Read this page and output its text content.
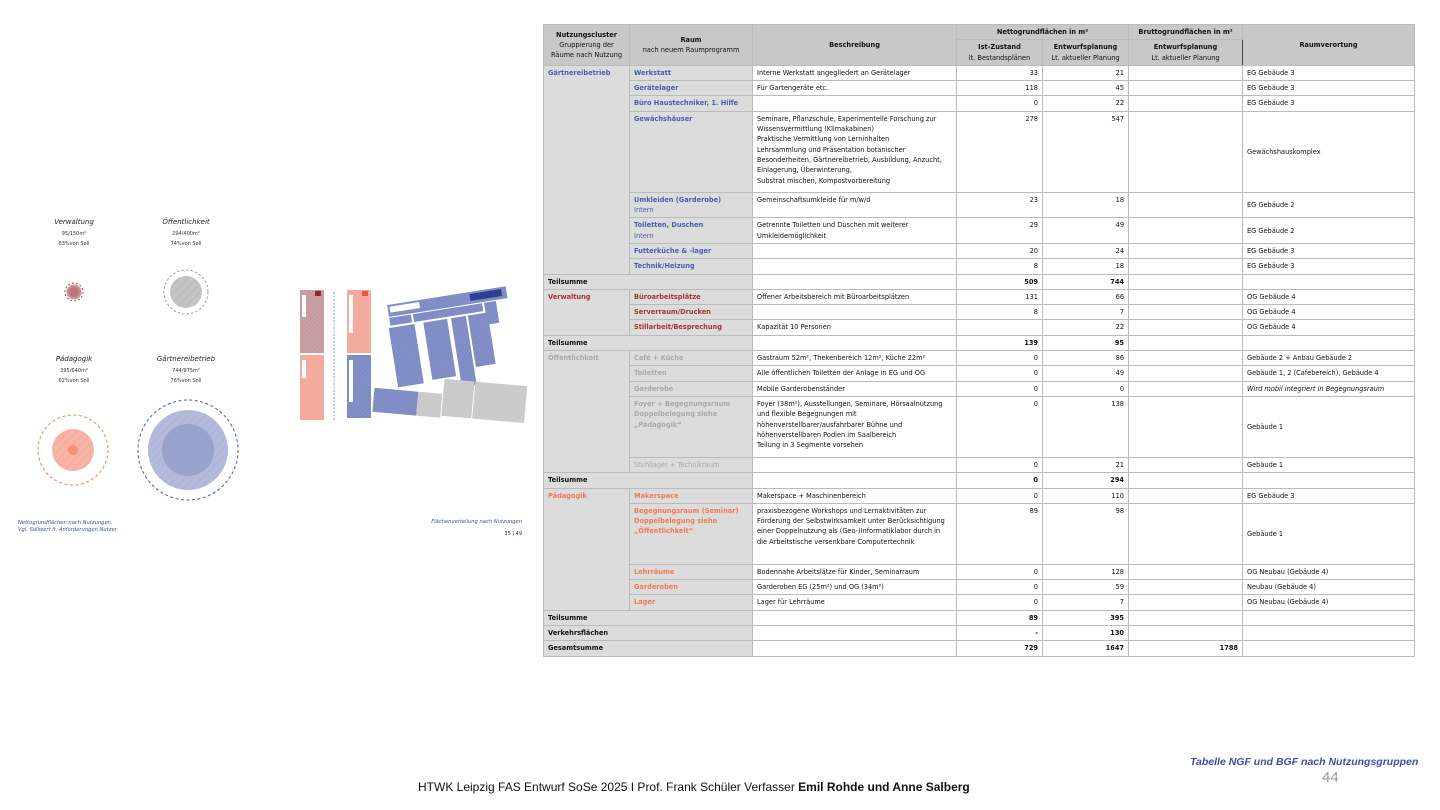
Verwaltung
95/150m²
63%von Soll
Öffentlichkeit
294/400m²
74%von Soll
Pädagogik
395/640m²
62%von Soll
Gärtnereibetrieb
744/975m²
76%von Soll
Nettogrundflächen nach Nutzungen.
Vgl. Sollwert lt. Anforderungen Nutzer
Flächenverteilung nach Nutzungen
35 | 49
Nutzungscluster
Gruppierung der Räume nach Nutzung	Raum
nach neuem Raumprogramm	Beschreibung	Nettogrundflächen in m²		Bruttogrundflächen in m²	Raumverortung
			Ist-Zustand
lt. Bestandsplänen	Entwurfsplanung
Lt. aktueller Planung	Entwurfsplanung
Lt. aktueller Planung	

Gärtnereibetrieb	Werkstatt	Interne Werkstatt angegliedert an Gerätelager	33	21		EG Gebäude 3
	Gerätelager	Für Gartengeräte etc.	118	45		EG Gebäude 3
	Büro Haustechniker, 1. Hilfe		0	22		EG Gebäude 3
	Gewächshäuser	Seminare, Pflanzschule, Experimentelle Forschung zur Wissensvermittlung (Klimakabinen)
Praktische Vermittlung von Lerninhalten
Lehrsammlung und Präsentation botanischer Besonderheiten, Gärtnereibetrieb, Ausbildung, Anzucht, Einlagerung, Überwinterung,
Substrat mischen, Kompostvorbereitung	278	547		Gewächshauskomplex
	Umkleiden (Garderobe)
Intern	Gemeinschaftsumkleide für m/w/d	23	18		EG Gebäude 2
	Toiletten, Duschen
Intern	Getrennte Toiletten und Duschen mit weiterer Umkleidemöglichkeit	29	49		EG Gebäude 2
	Futterküche & -lager		20	24		EG Gebäude 3
	Technik/Heizung		8	18		EG Gebäude 3
Teilsumme			509	744		
Verwaltung	Büroarbeitsplätze	Offener Arbeitsbereich mit Büroarbeitsplätzen	131	66		OG Gebäude 4
	Serverraum/Drucken		8	7		OG Gebäude 4
	Stillarbeit/Besprechung	Kapazität 10 Personen		22		OG Gebäude 4
Teilsumme			139	95		
Öffentlichkeit	Café + Küche	Gastraum 52m², Thekenbereich 12m², Küche 22m²	0	86		Gebäude 2 + Anbau Gebäude 2
	Toiletten	Alle öffentlichen Toiletten der Anlage in EG und OG	0	49		Gebäude 1, 2 (Cafebereich), Gebäude 4
	Garderobe	Mobile Garderobenständer	0	0		Wird mobil integriert in Begegnungsraum
	Foyer + Begegnungsraum
Doppelbelegung siehe „Pädagogik“	Foyer (38m²), Ausstellungen, Seminare, Hörsaalnutzung und flexible Begegnungen mit höhenverstellbarer/ausfahrbarer Bühne und höhenverstellbaren Podien im Saalbereich
Teilung in 3 Segmente vorsehen	0	138		Gebäude 1
	Stuhllager + Technikraum		0	21		Gebäude 1
Teilsumme			0	294		
Pädagogik	Makerspace	Makerspace + Maschinenbereich	0	110		EG Gebäude 3
	Begegnungsraum (Seminar)
Doppelbelegung siehe „Öffentlichkeit“	praxisbezogene Workshops und Lernaktivitäten zur Förderung der Selbstwirksamkeit unter Berücksichtigung einer Doppelnutzung als (Geo-)Informatiklabor durch in die Arbeitstische versenkbare Computertechnik	89	98		Gebäude 1
	Lehrräume	Bodennahe Arbeitslätze für Kinder, Seminarraum	0	128		OG Neubau (Gebäude 4)
	Garderoben	Garderoben EG (25m²) und OG (34m²)	0	59		Neubau (Gebäude 4)
	Lager	Lager für Lehrräume	0	7		OG Neubau (Gebäude 4)
Teilsumme			89	395		
Verkehrsflächen			-	130		
Gesamtsumme			729	1647	1788	
Tabelle NGF und BGF nach Nutzungsgruppen
44
HTWK Leipzig FAS Entwurf SoSe 2025 I Prof. Frank Schüler Verfasser Emil Rohde und Anne Salberg
